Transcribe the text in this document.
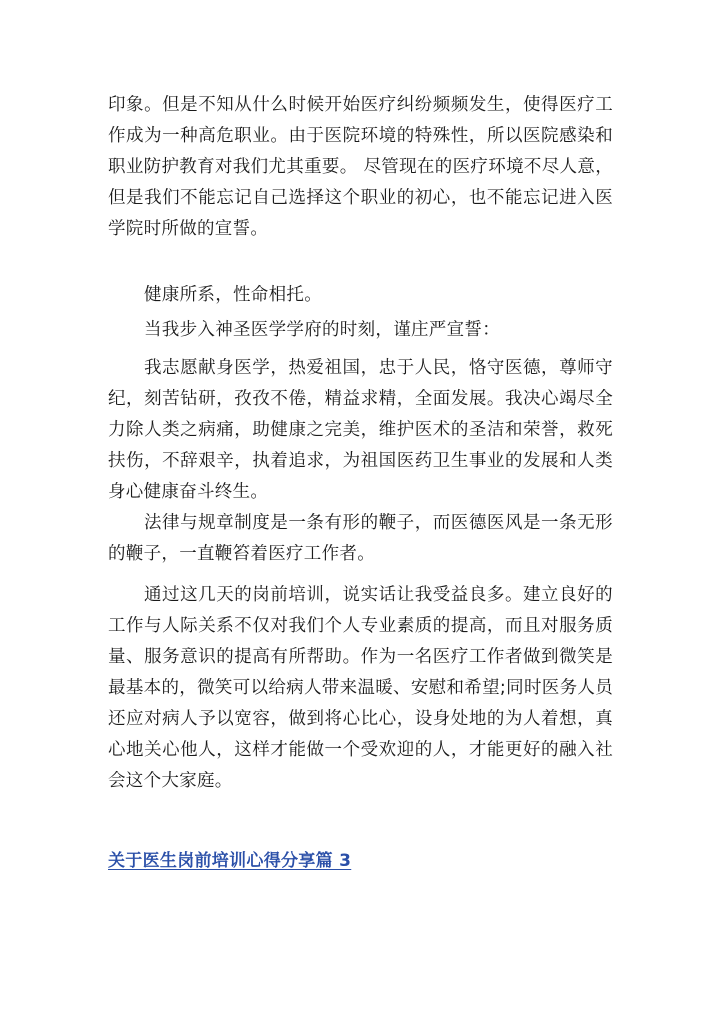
印象。但是不知从什么时候开始医疗纠纷频频发生，使得医疗工作成为一种高危职业。由于医院环境的特殊性，所以医院感染和职业防护教育对我们尤其重要。 尽管现在的医疗环境不尽人意，但是我们不能忘记自己选择这个职业的初心，也不能忘记进入医学院时所做的宣誓。

健康所系，性命相托。

当我步入神圣医学学府的时刻，谨庄严宣誓：

我志愿献身医学，热爱祖国，忠于人民，恪守医德，尊师守纪，刻苦钻研，孜孜不倦，精益求精，全面发展。我决心竭尽全力除人类之病痛，助健康之完美，维护医术的圣洁和荣誉，救死扶伤，不辞艰辛，执着追求，为祖国医药卫生事业的发展和人类身心健康奋斗终生。

法律与规章制度是一条有形的鞭子，而医德医风是一条无形的鞭子，一直鞭笞着医疗工作者。

通过这几天的岗前培训，说实话让我受益良多。建立良好的工作与人际关系不仅对我们个人专业素质的提高，而且对服务质量、服务意识的提高有所帮助。作为一名医疗工作者做到微笑是最基本的，微笑可以给病人带来温暖、安慰和希望;同时医务人员还应对病人予以宽容，做到将心比心，设身处地的为人着想，真心地关心他人，这样才能做一个受欢迎的人，才能更好的融入社会这个大家庭。

关于医生岗前培训心得分享篇 3
